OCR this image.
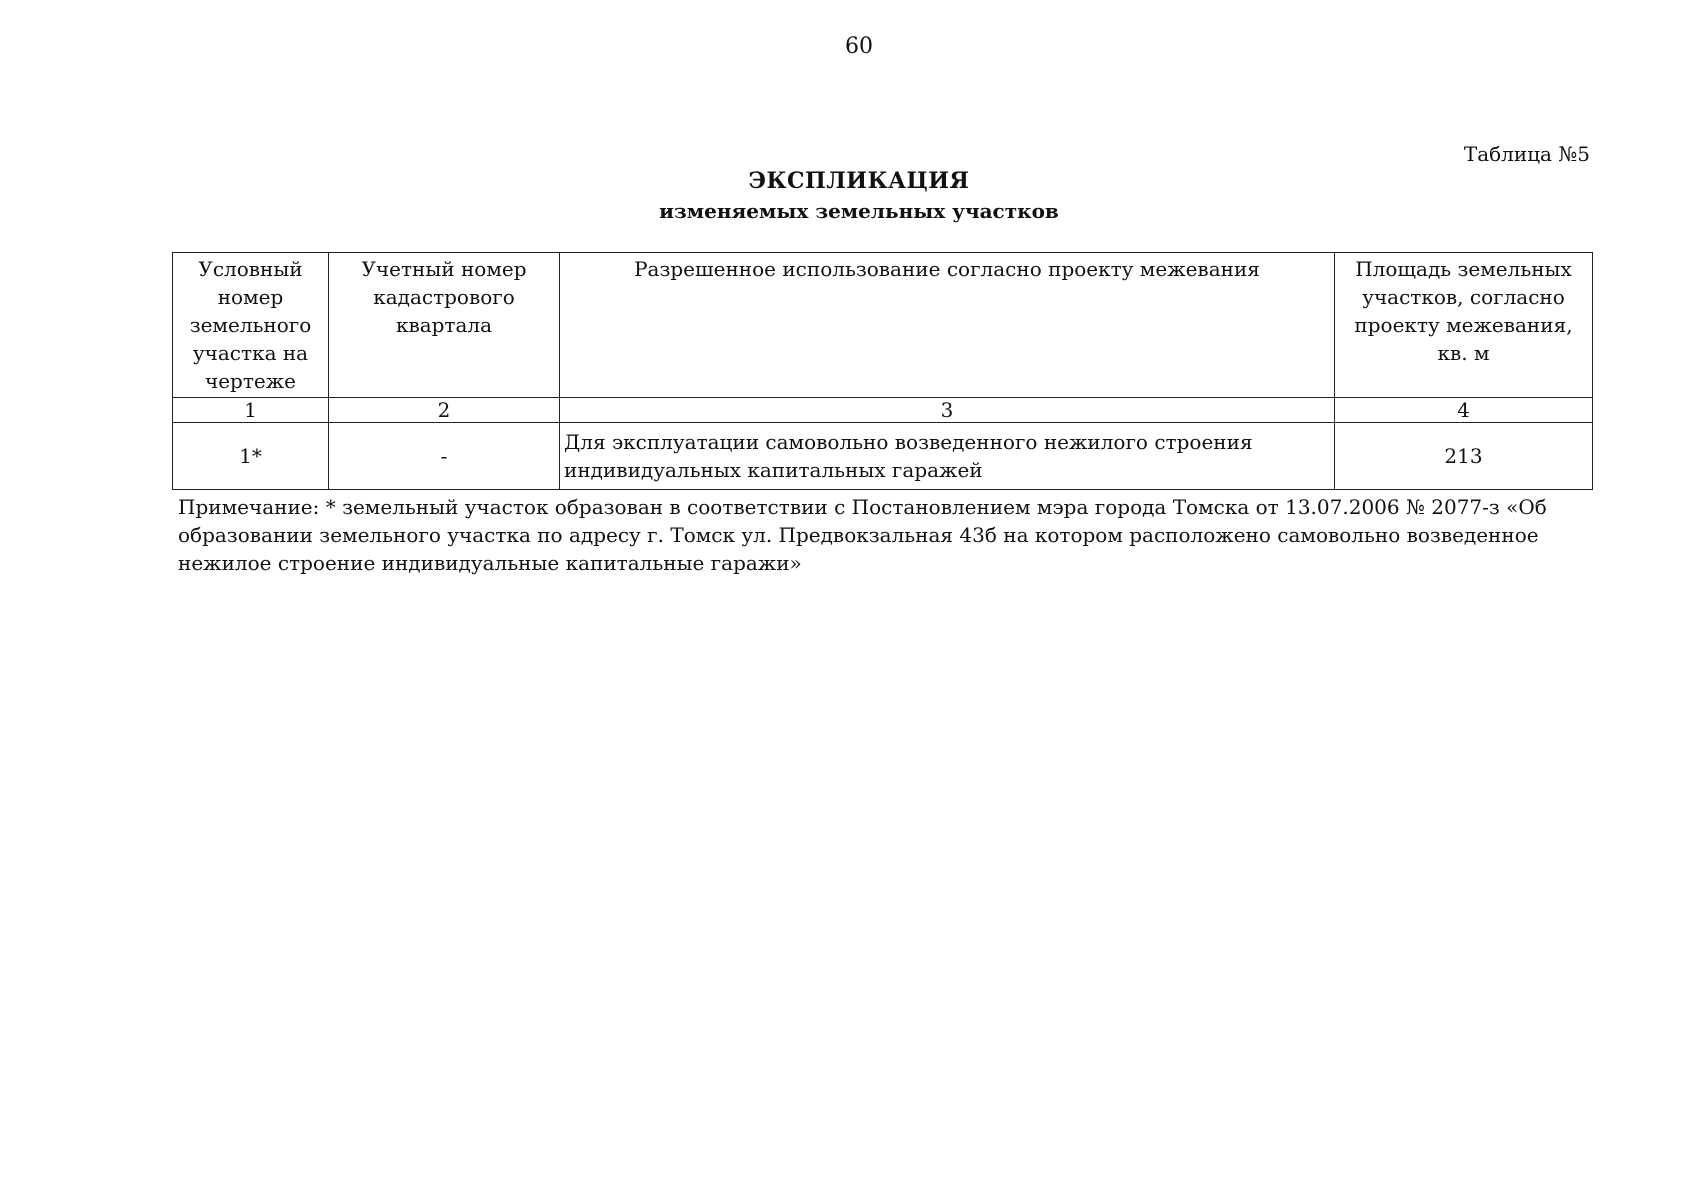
60
Таблица №5
ЭКСПЛИКАЦИЯ
изменяемых земельных участков
Условный номер земельного участка на чертеже	Учетный номер кадастрового квартала	Разрешенное использование согласно проекту межевания	Площадь земельных участков, согласно проекту межевания, кв. м
1	2	3	4
1*	-	Для эксплуатации самовольно возведенного нежилого строения индивидуальных капитальных гаражей	213
Примечание: * земельный участок образован в соответствии с Постановлением мэра города Томска от 13.07.2006 № 2077-з «Об образовании земельного участка по адресу г. Томск ул. Предвокзальная 43б на котором расположено самовольно возведенное нежилое строение индивидуальные капитальные гаражи»
